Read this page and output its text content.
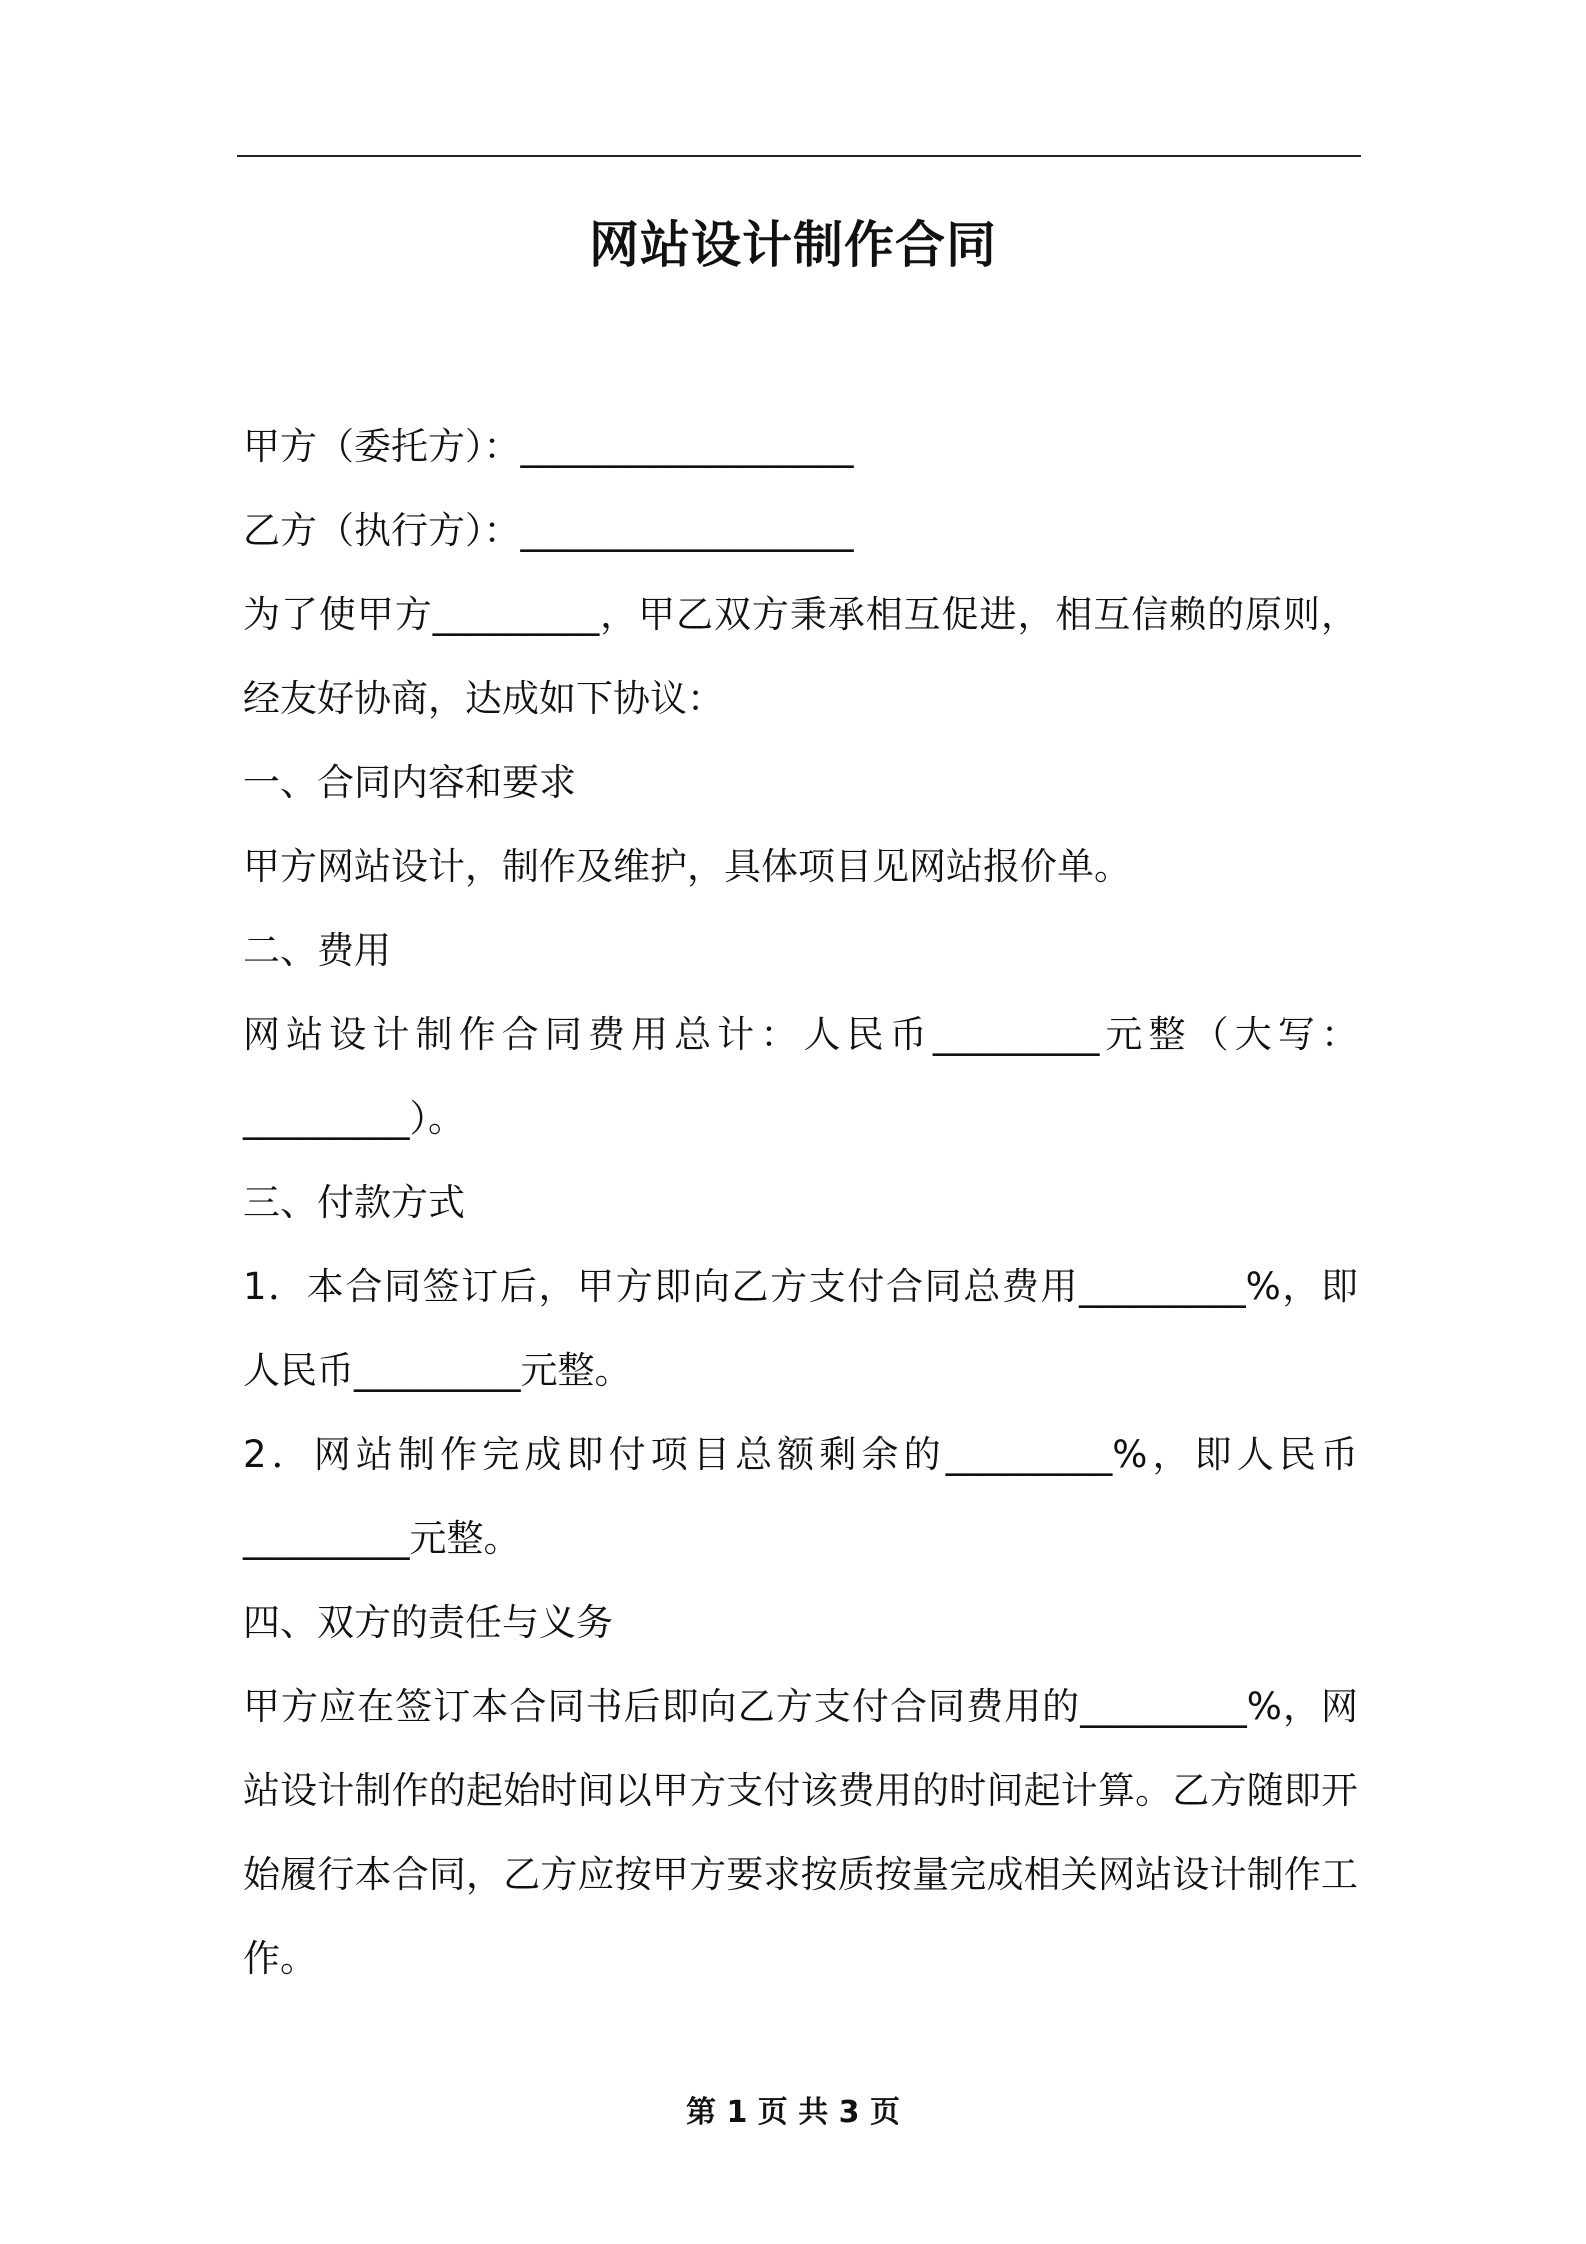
网站设计制作合同
甲方（委托方）：__________________
乙方（执行方）：__________________
为了使甲方_________，甲乙双方秉承相互促进，相互信赖的原则，
经友好协商，达成如下协议：
一、合同内容和要求
甲方网站设计，制作及维护，具体项目见网站报价单。
二、费用
网站设计制作合同费用总计：人民币_________元整（大写：
_________）。
三、付款方式
1．本合同签订后，甲方即向乙方支付合同总费用_________%，即
人民币_________元整。
2．网站制作完成即付项目总额剩余的_________%，即人民币
_________元整。
四、双方的责任与义务
甲方应在签订本合同书后即向乙方支付合同费用的_________%，网
站设计制作的起始时间以甲方支付该费用的时间起计算。乙方随即开
始履行本合同，乙方应按甲方要求按质按量完成相关网站设计制作工
作。
第 1 页 共 3 页
